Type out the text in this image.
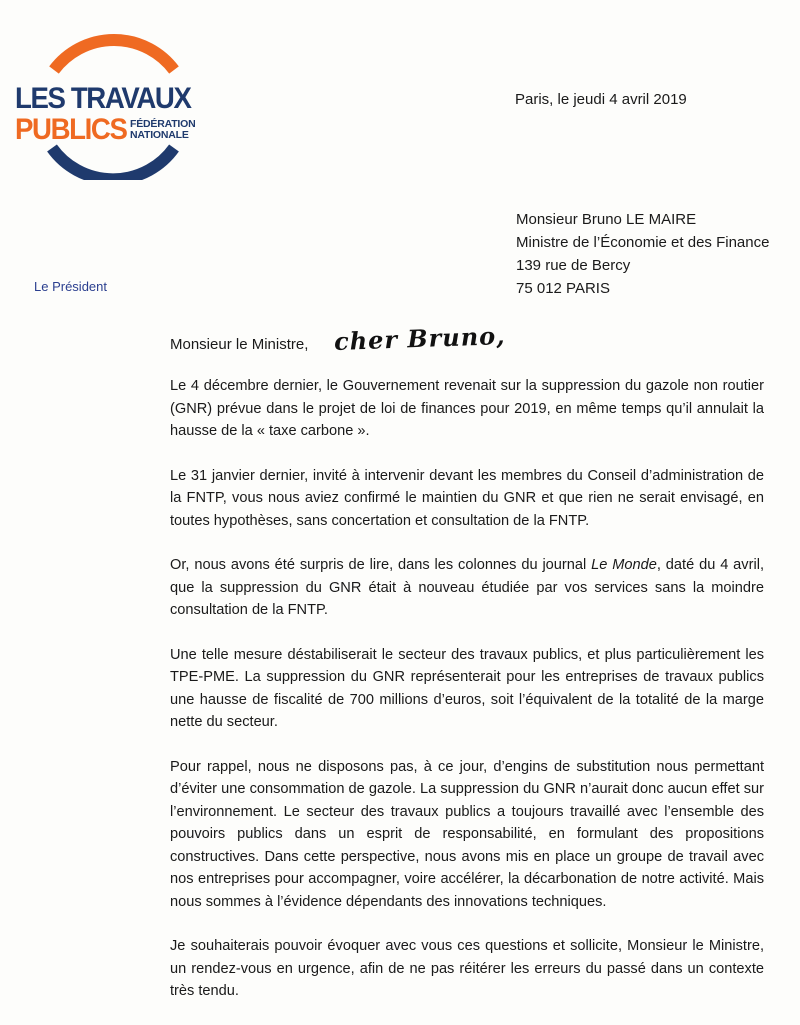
LES TRAVAUX
PUBLICS FÉDÉRATION
NATIONALE
Paris, le jeudi 4 avril 2019
Monsieur Bruno LE MAIRE
Ministre de l’Économie et des Finance
139 rue de Bercy
75 012 PARIS
Le Président
Monsieur le Ministre, cher Bruno,

Le 4 décembre dernier, le Gouvernement revenait sur la suppression du gazole non routier (GNR) prévue dans le projet de loi de finances pour 2019, en même temps qu’il annulait la hausse de la « taxe carbone ».

Le 31 janvier dernier, invité à intervenir devant les membres du Conseil d’administration de la FNTP, vous nous aviez confirmé le maintien du GNR et que rien ne serait envisagé, en toutes hypothèses, sans concertation et consultation de la FNTP.

Or, nous avons été surpris de lire, dans les colonnes du journal Le Monde, daté du 4 avril, que la suppression du GNR était à nouveau étudiée par vos services sans la moindre consultation de la FNTP.

Une telle mesure déstabiliserait le secteur des travaux publics, et plus particulièrement les TPE-PME. La suppression du GNR représenterait pour les entreprises de travaux publics une hausse de fiscalité de 700 millions d’euros, soit l’équivalent de la totalité de la marge nette du secteur.

Pour rappel, nous ne disposons pas, à ce jour, d’engins de substitution nous permettant d’éviter une consommation de gazole. La suppression du GNR n’aurait donc aucun effet sur l’environnement. Le secteur des travaux publics a toujours travaillé avec l’ensemble des pouvoirs publics dans un esprit de responsabilité, en formulant des propositions constructives. Dans cette perspective, nous avons mis en place un groupe de travail avec nos entreprises pour accompagner, voire accélérer, la décarbonation de notre activité. Mais nous sommes à l’évidence dépendants des innovations techniques.

Je souhaiterais pouvoir évoquer avec vous ces questions et sollicite, Monsieur le Ministre, un rendez-vous en urgence, afin de ne pas réitérer les erreurs du passé dans un contexte très tendu.
